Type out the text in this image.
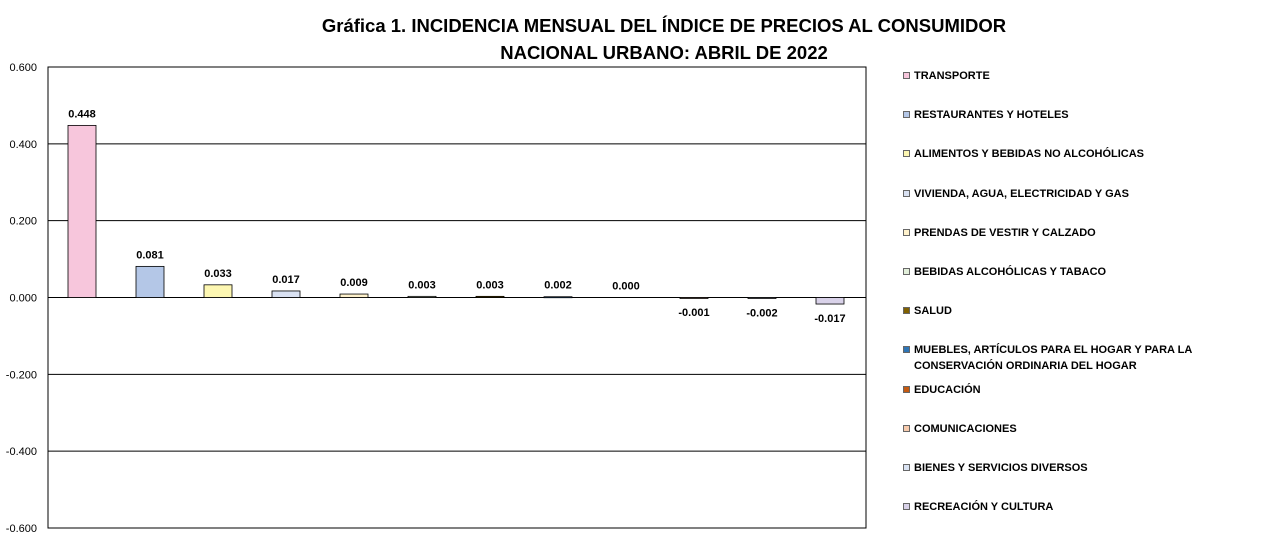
Gráfica 1. INCIDENCIA MENSUAL DEL ÍNDICE DE PRECIOS AL CONSUMIDOR
NACIONAL URBANO: ABRIL DE 2022
0.600
0.400
0.200
0.000
-0.200
-0.400
-0.600
0.448
0.081
0.033
0.017	0.009	0.003	0.003	0.002	0.000
-0.001	-0.002	-0.017
TRANSPORTE
RESTAURANTES Y HOTELES
ALIMENTOS Y BEBIDAS NO ALCOHÓLICAS
VIVIENDA, AGUA, ELECTRICIDAD Y GAS
PRENDAS DE VESTIR Y CALZADO
BEBIDAS ALCOHÓLICAS Y TABACO
SALUD
MUEBLES, ARTÍCULOS PARA EL HOGAR Y PARA LA CONSERVACIÓN ORDINARIA DEL HOGAR
EDUCACIÓN
COMUNICACIONES
BIENES Y SERVICIOS DIVERSOS
RECREACIÓN Y CULTURA
